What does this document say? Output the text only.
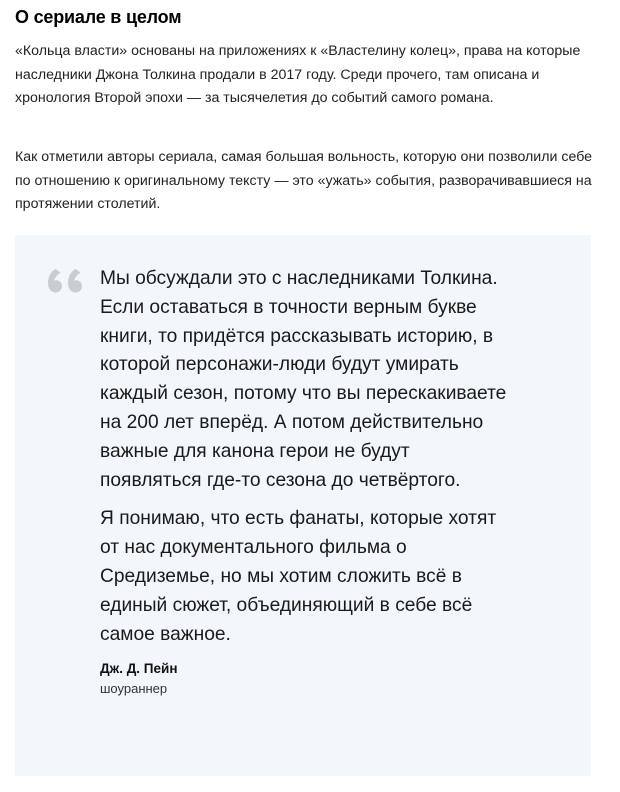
О сериале в целом

«Кольца власти» основаны на приложениях к «Властелину колец», права на которые наследники Джона Толкина продали в 2017 году. Среди прочего, там описана и хронология Второй эпохи — за тысячелетия до событий самого романа.

Как отметили авторы сериала, самая большая вольность, которую они позволили себе по отношению к оригинальному тексту — это «ужать» события, разворачивавшиеся на протяжении столетий.

Мы обсуждали это с наследниками Толкина. Если оставаться в точности верным букве книги, то придётся рассказывать историю, в которой персонажи-люди будут умирать каждый сезон, потому что вы перескакиваете на 200 лет вперёд. А потом действительно важные для канона герои не будут появляться где-то сезона до четвёртого.

Я понимаю, что есть фанаты, которые хотят от нас документального фильма о Средиземье, но мы хотим сложить всё в единый сюжет, объединяющий в себе всё самое важное.

Дж. Д. Пейн
шоураннер
